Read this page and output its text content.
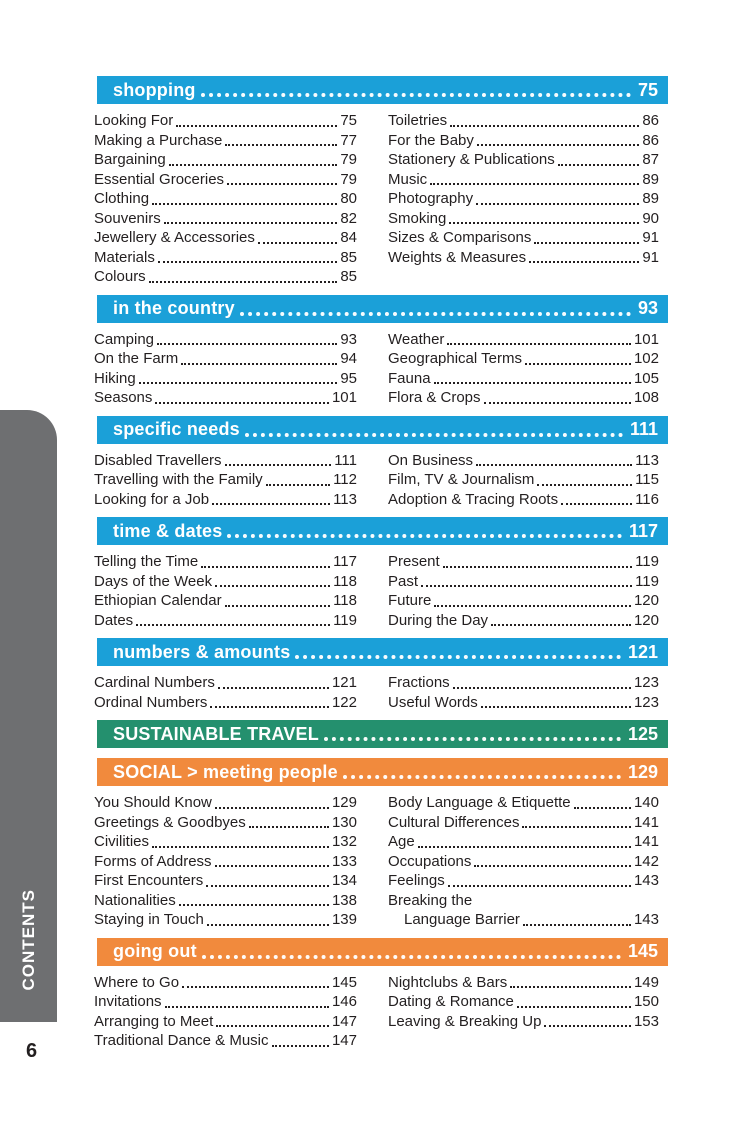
CONTENTS
6
shopping	75
Looking For	75
Making a Purchase	77
Bargaining	79
Essential Groceries	79
Clothing	80
Souvenirs	82
Jewellery & Accessories	84
Materials	85
Colours	85
Toiletries	86
For the Baby	86
Stationery & Publications	87
Music	89
Photography	89
Smoking	90
Sizes & Comparisons	91
Weights & Measures	91
in the country	93
Camping	93
On the Farm	94
Hiking	95
Seasons	101
Weather	101
Geographical Terms	102
Fauna	105
Flora & Crops	108
specific needs	111
Disabled Travellers	111
Travelling with the Family	112
Looking for a Job	113
On Business	113
Film, TV & Journalism	115
Adoption & Tracing Roots	116
time & dates	117
Telling the Time	117
Days of the Week	118
Ethiopian Calendar	118
Dates	119
Present	119
Past	119
Future	120
During the Day	120
numbers & amounts	121
Cardinal Numbers	121
Ordinal Numbers	122
Fractions	123
Useful Words	123
SUSTAINABLE TRAVEL	125
SOCIAL > meeting people	129
You Should Know	129
Greetings & Goodbyes	130
Civilities	132
Forms of Address	133
First Encounters	134
Nationalities	138
Staying in Touch	139
Body Language & Etiquette	140
Cultural Differences	141
Age	141
Occupations	142
Feelings	143
Breaking the
Language Barrier	143
going out	145
Where to Go	145
Invitations	146
Arranging to Meet	147
Traditional Dance & Music	147
Nightclubs & Bars	149
Dating & Romance	150
Leaving & Breaking Up	153
